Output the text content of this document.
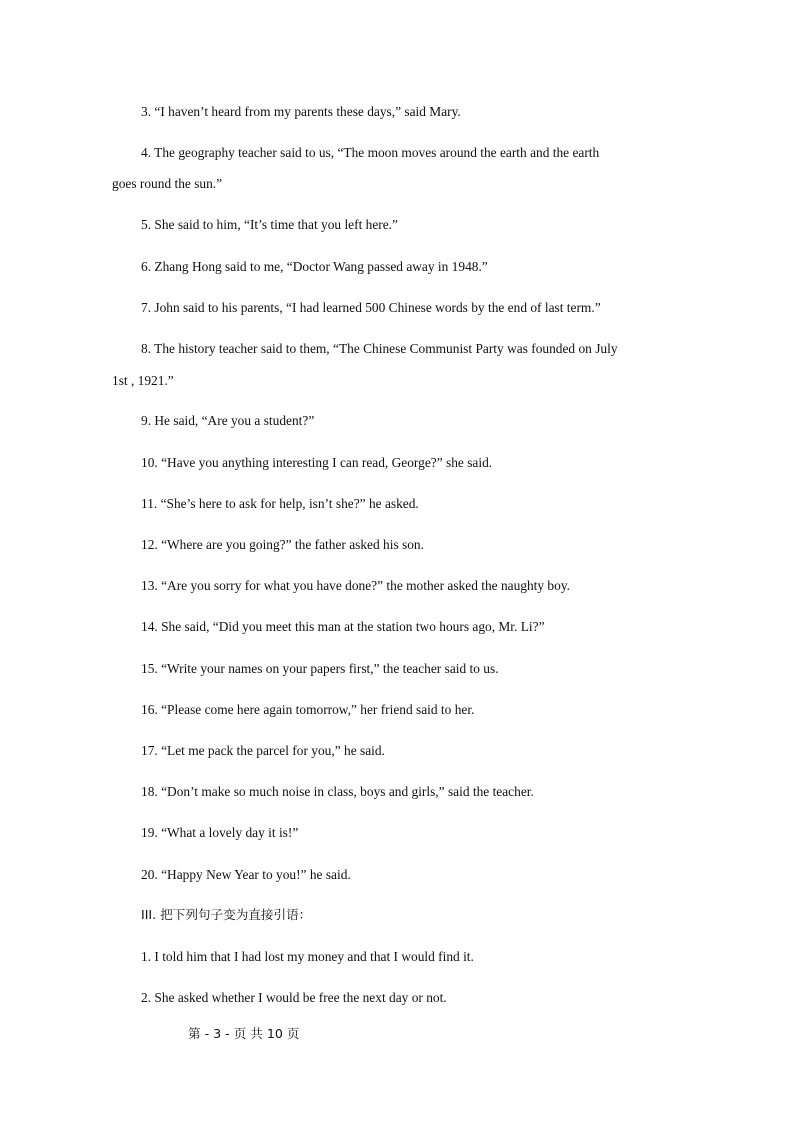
3. “I haven’t heard from my parents these days,” said Mary.
4. The geography teacher said to us, “The moon moves around the earth and the earth
goes round the sun.”
5. She said to him, “It’s time that you left here.”
6. Zhang Hong said to me, “Doctor Wang passed away in 1948.”
7. John said to his parents, “I had learned 500 Chinese words by the end of last term.”
8. The history teacher said to them, “The Chinese Communist Party was founded on July
1st , 1921.”
9. He said, “Are you a student?”
10. “Have you anything interesting I can read, George?” she said.
11. “She’s here to ask for help, isn’t she?” he asked.
12. “Where are you going?” the father asked his son.
13. “Are you sorry for what you have done?” the mother asked the naughty boy.
14. She said, “Did you meet this man at the station two hours ago, Mr. Li?”
15. “Write your names on your papers first,” the teacher said to us.
16. “Please come here again tomorrow,” her friend said to her.
17. “Let me pack the parcel for you,” he said.
18. “Don’t make so much noise in class, boys and girls,” said the teacher.
19. “What a lovely day it is!”
20. “Happy New Year to you!” he said.
III. 把下列句子变为直接引语：
1. I told him that I had lost my money and that I would find it.
2. She asked whether I would be free the next day or not.
第 - 3 - 页 共 10 页
